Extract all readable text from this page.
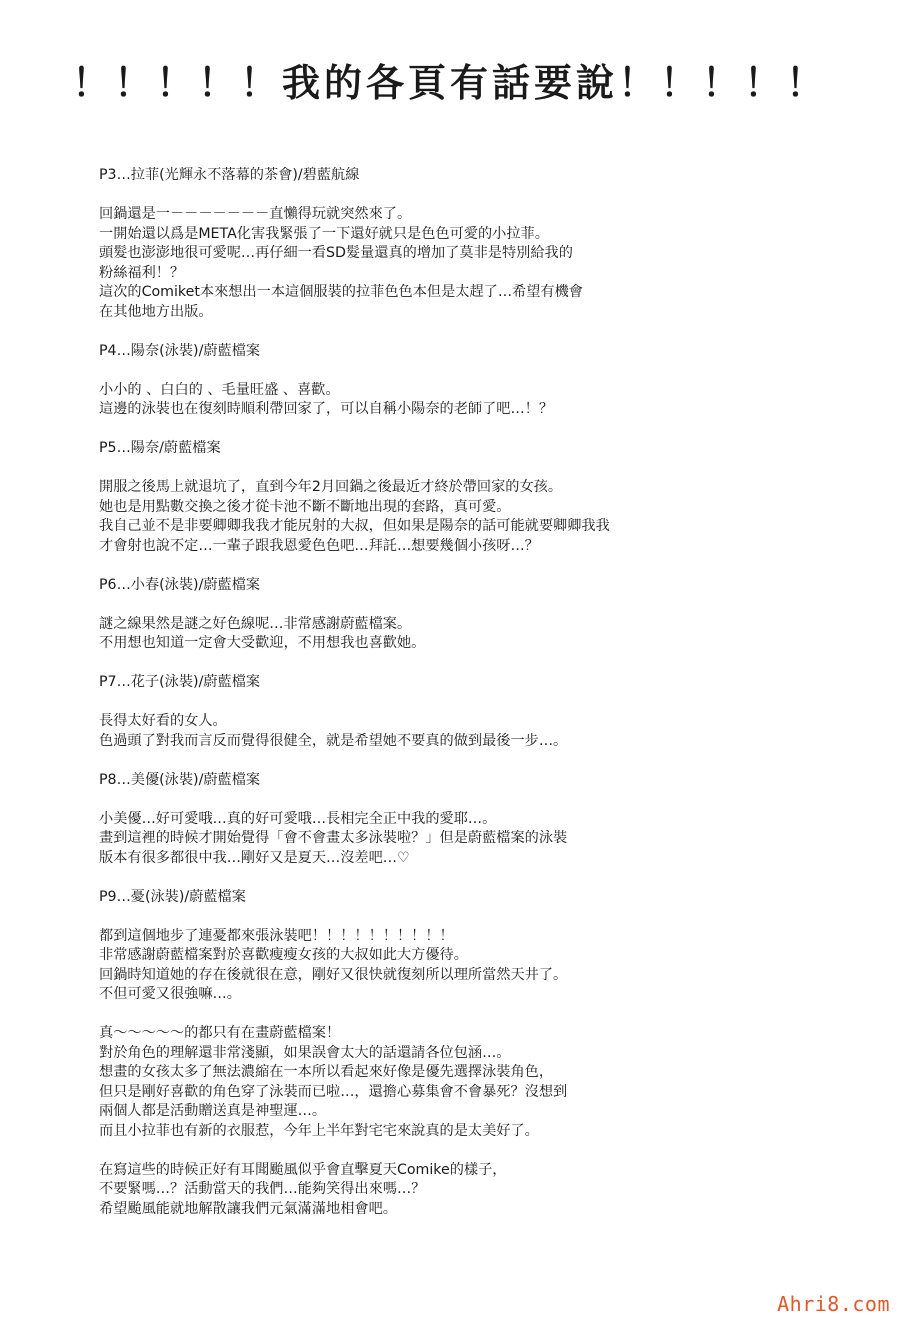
！！！！！我的各頁有話要說！！！！！
P3…拉菲(光輝永不落幕的茶會)/碧藍航線
回鍋還是一－－－－－－－直懶得玩就突然來了。
一開始還以爲是META化害我緊張了一下還好就只是色色可愛的小拉菲。
頭髮也澎澎地很可愛呢…再仔細一看SD髮量還真的增加了莫非是特別給我的
粉絲福利！？
這次的Comiket本來想出一本這個服裝的拉菲色色本但是太趕了…希望有機會
在其他地方出版。
P4…陽奈(泳裝)/蔚藍檔案
小小的 、白白的 、毛量旺盛 、喜歡。
這邊的泳裝也在復刻時順利帶回家了，可以自稱小陽奈的老師了吧…！？
P5…陽奈/蔚藍檔案
開服之後馬上就退坑了，直到今年2月回鍋之後最近才終於帶回家的女孩。
她也是用點數交換之後才從卡池不斷不斷地出現的套路，真可愛。
我自己並不是非要卿卿我我才能尻射的大叔，但如果是陽奈的話可能就要卿卿我我
才會射也說不定…一輩子跟我恩愛色色吧…拜託…想要幾個小孩呀…？
P6…小春(泳裝)/蔚藍檔案
謎之線果然是謎之好色線呢…非常感謝蔚藍檔案。
不用想也知道一定會大受歡迎，不用想我也喜歡她。
P7…花子(泳裝)/蔚藍檔案
長得太好看的女人。
色過頭了對我而言反而覺得很健全，就是希望她不要真的做到最後一步…。
P8…美優(泳裝)/蔚藍檔案
小美優…好可愛哦…真的好可愛哦…長相完全正中我的愛耶…。
畫到這裡的時候才開始覺得「會不會畫太多泳裝啦？」但是蔚藍檔案的泳裝
版本有很多都很中我…剛好又是夏天…沒差吧…♡
P9…憂(泳裝)/蔚藍檔案
都到這個地步了連憂都來張泳裝吧！！！！！！！！！！
非常感謝蔚藍檔案對於喜歡瘦瘦女孩的大叔如此大方優待。
回鍋時知道她的存在後就很在意，剛好又很快就復刻所以理所當然天井了。
不但可愛又很強嘛…。
真～～～～～的都只有在畫蔚藍檔案！
對於角色的理解還非常淺顯，如果誤會太大的話還請各位包涵…。
想畫的女孩太多了無法濃縮在一本所以看起來好像是優先選擇泳裝角色，
但只是剛好喜歡的角色穿了泳裝而已啦…，還擔心募集會不會暴死？沒想到
兩個人都是活動贈送真是神聖運…。
而且小拉菲也有新的衣服惹，今年上半年對宅宅來說真的是太美好了。
在寫這些的時候正好有耳聞颱風似乎會直擊夏天Comike的樣子，
不要緊嗎…？活動當天的我們…能夠笑得出來嗎…？
希望颱風能就地解散讓我們元氣滿滿地相會吧。
Ahri8.com
